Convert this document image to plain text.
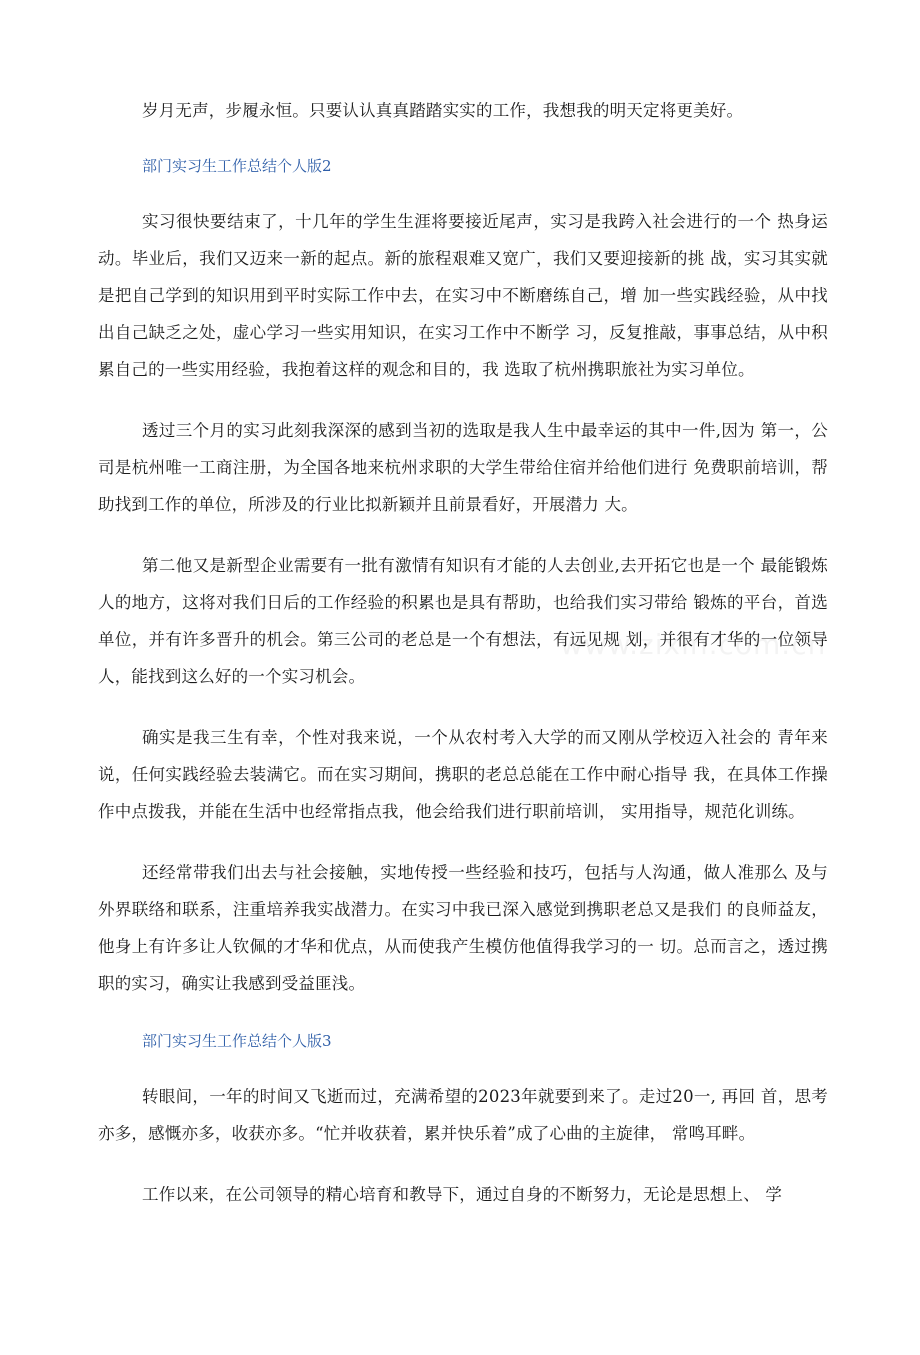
岁月无声，步履永恒。只要认认真真踏踏实实的工作，我想我的明天定将更美好。

部门实习生工作总结个人版2

实习很快要结束了，十几年的学生生涯将要接近尾声，实习是我跨入社会进行的一个 热身运动。毕业后，我们又迈来一新的起点。新的旅程艰难又宽广，我们又要迎接新的挑 战，实习其实就是把自己学到的知识用到平时实际工作中去，在实习中不断磨练自己，增 加一些实践经验，从中找出自己缺乏之处，虚心学习一些实用知识，在实习工作中不断学 习，反复推敲，事事总结，从中积累自己的一些实用经验，我抱着这样的观念和目的，我 选取了杭州携职旅社为实习单位。

透过三个月的实习此刻我深深的感到当初的选取是我人生中最幸运的其中一件,因为 第一，公司是杭州唯一工商注册，为全国各地来杭州求职的大学生带给住宿并给他们进行 免费职前培训，帮助找到工作的单位，所涉及的行业比拟新颖并且前景看好，开展潜力 大。

第二他又是新型企业需要有一批有激情有知识有才能的人去创业,去开拓它也是一个 最能锻炼人的地方，这将对我们日后的工作经验的积累也是具有帮助，也给我们实习带给 锻炼的平台，首选单位，并有许多晋升的机会。第三公司的老总是一个有想法，有远见规 划，并很有才华的一位领导人，能找到这么好的一个实习机会。

确实是我三生有幸，个性对我来说，一个从农村考入大学的而又刚从学校迈入社会的 青年来说，任何实践经验去装满它。而在实习期间，携职的老总总能在工作中耐心指导 我，在具体工作操作中点拨我，并能在生活中也经常指点我，他会给我们进行职前培训， 实用指导，规范化训练。

还经常带我们出去与社会接触，实地传授一些经验和技巧，包括与人沟通，做人准那么 及与外界联络和联系，注重培养我实战潜力。在实习中我已深入感觉到携职老总又是我们 的良师益友，他身上有许多让人钦佩的才华和优点，从而使我产生模仿他值得我学习的一 切。总而言之，透过携职的实习，确实让我感到受益匪浅。

部门实习生工作总结个人版3

转眼间，一年的时间又飞逝而过，充满希望的2023年就要到来了。走过20一, 再回 首，思考亦多，感慨亦多，收获亦多。“忙并收获着，累并快乐着”成了心曲的主旋律， 常鸣耳畔。

工作以来，在公司领导的精心培育和教导下，通过自身的不断努力，无论是思想上、 学
